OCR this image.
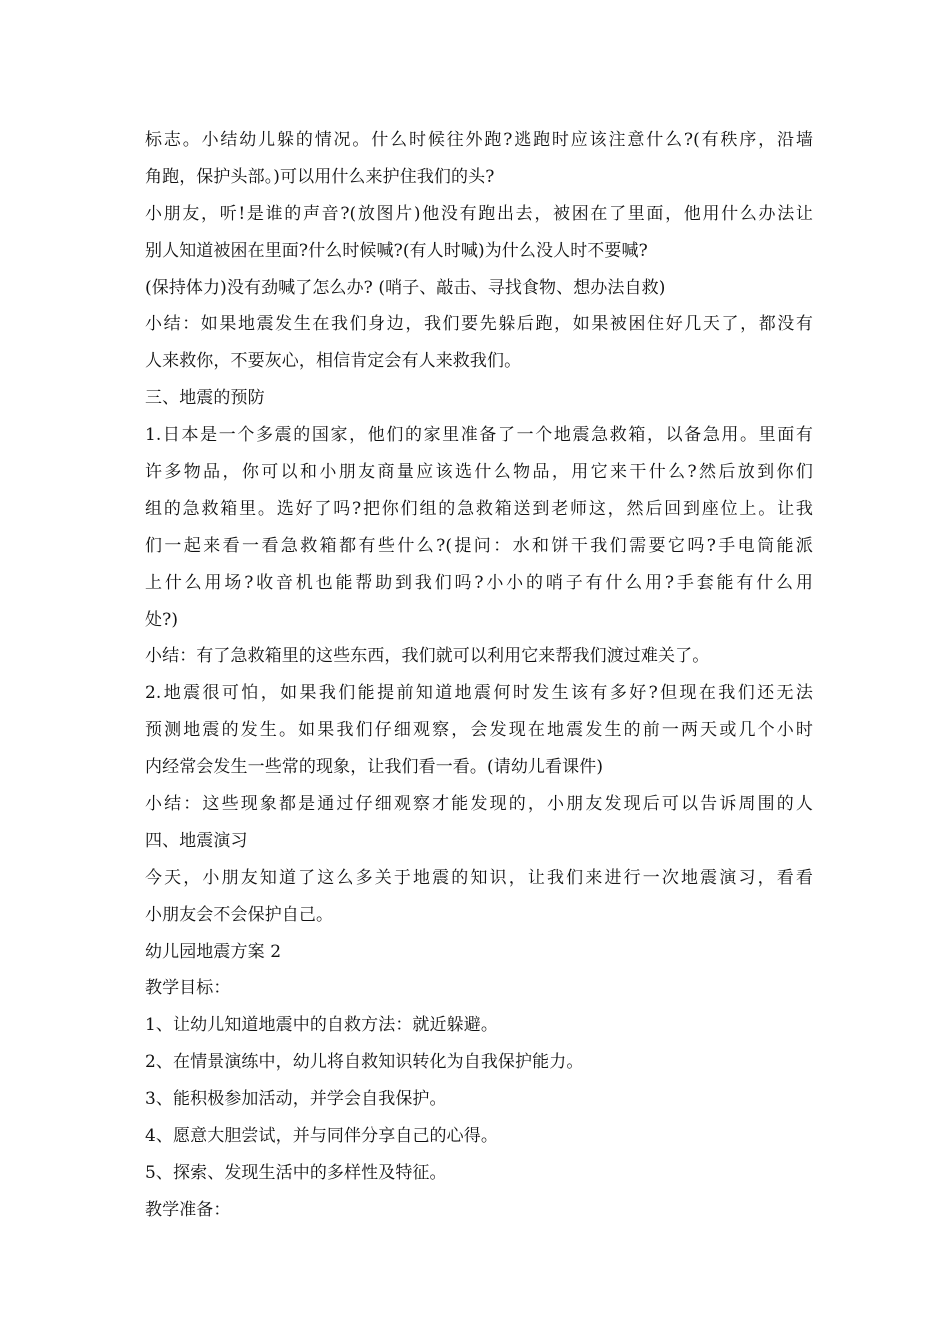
标志。小结幼儿躲的情况。什么时候往外跑?逃跑时应该注意什么?(有秩序，沿墙
角跑，保护头部。)可以用什么来护住我们的头?
小朋友，听!是谁的声音?(放图片)他没有跑出去，被困在了里面，他用什么办法让
别人知道被困在里面?什么时候喊?(有人时喊)为什么没人时不要喊?
(保持体力)没有劲喊了怎么办? (哨子、敲击、寻找食物、想办法自救)
小结：如果地震发生在我们身边，我们要先躲后跑，如果被困住好几天了，都没有
人来救你，不要灰心，相信肯定会有人来救我们。
三、地震的预防
1.日本是一个多震的国家，他们的家里准备了一个地震急救箱，以备急用。里面有
许多物品，你可以和小朋友商量应该选什么物品，用它来干什么?然后放到你们
组的急救箱里。选好了吗?把你们组的急救箱送到老师这，然后回到座位上。让我
们一起来看一看急救箱都有些什么?(提问：水和饼干我们需要它吗?手电筒能派
上什么用场?收音机也能帮助到我们吗?小小的哨子有什么用?手套能有什么用
处?)
小结：有了急救箱里的这些东西，我们就可以利用它来帮我们渡过难关了。
2.地震很可怕，如果我们能提前知道地震何时发生该有多好?但现在我们还无法
预测地震的发生。如果我们仔细观察，会发现在地震发生的前一两天或几个小时
内经常会发生一些常的现象，让我们看一看。(请幼儿看课件)
小结：这些现象都是通过仔细观察才能发现的，小朋友发现后可以告诉周围的人
四、地震演习
今天，小朋友知道了这么多关于地震的知识，让我们来进行一次地震演习，看看
小朋友会不会保护自己。
幼儿园地震方案 2
教学目标：
1、让幼儿知道地震中的自救方法：就近躲避。
2、在情景演练中，幼儿将自救知识转化为自我保护能力。
3、能积极参加活动，并学会自我保护。
4、愿意大胆尝试，并与同伴分享自己的心得。
5、探索、发现生活中的多样性及特征。
教学准备：
